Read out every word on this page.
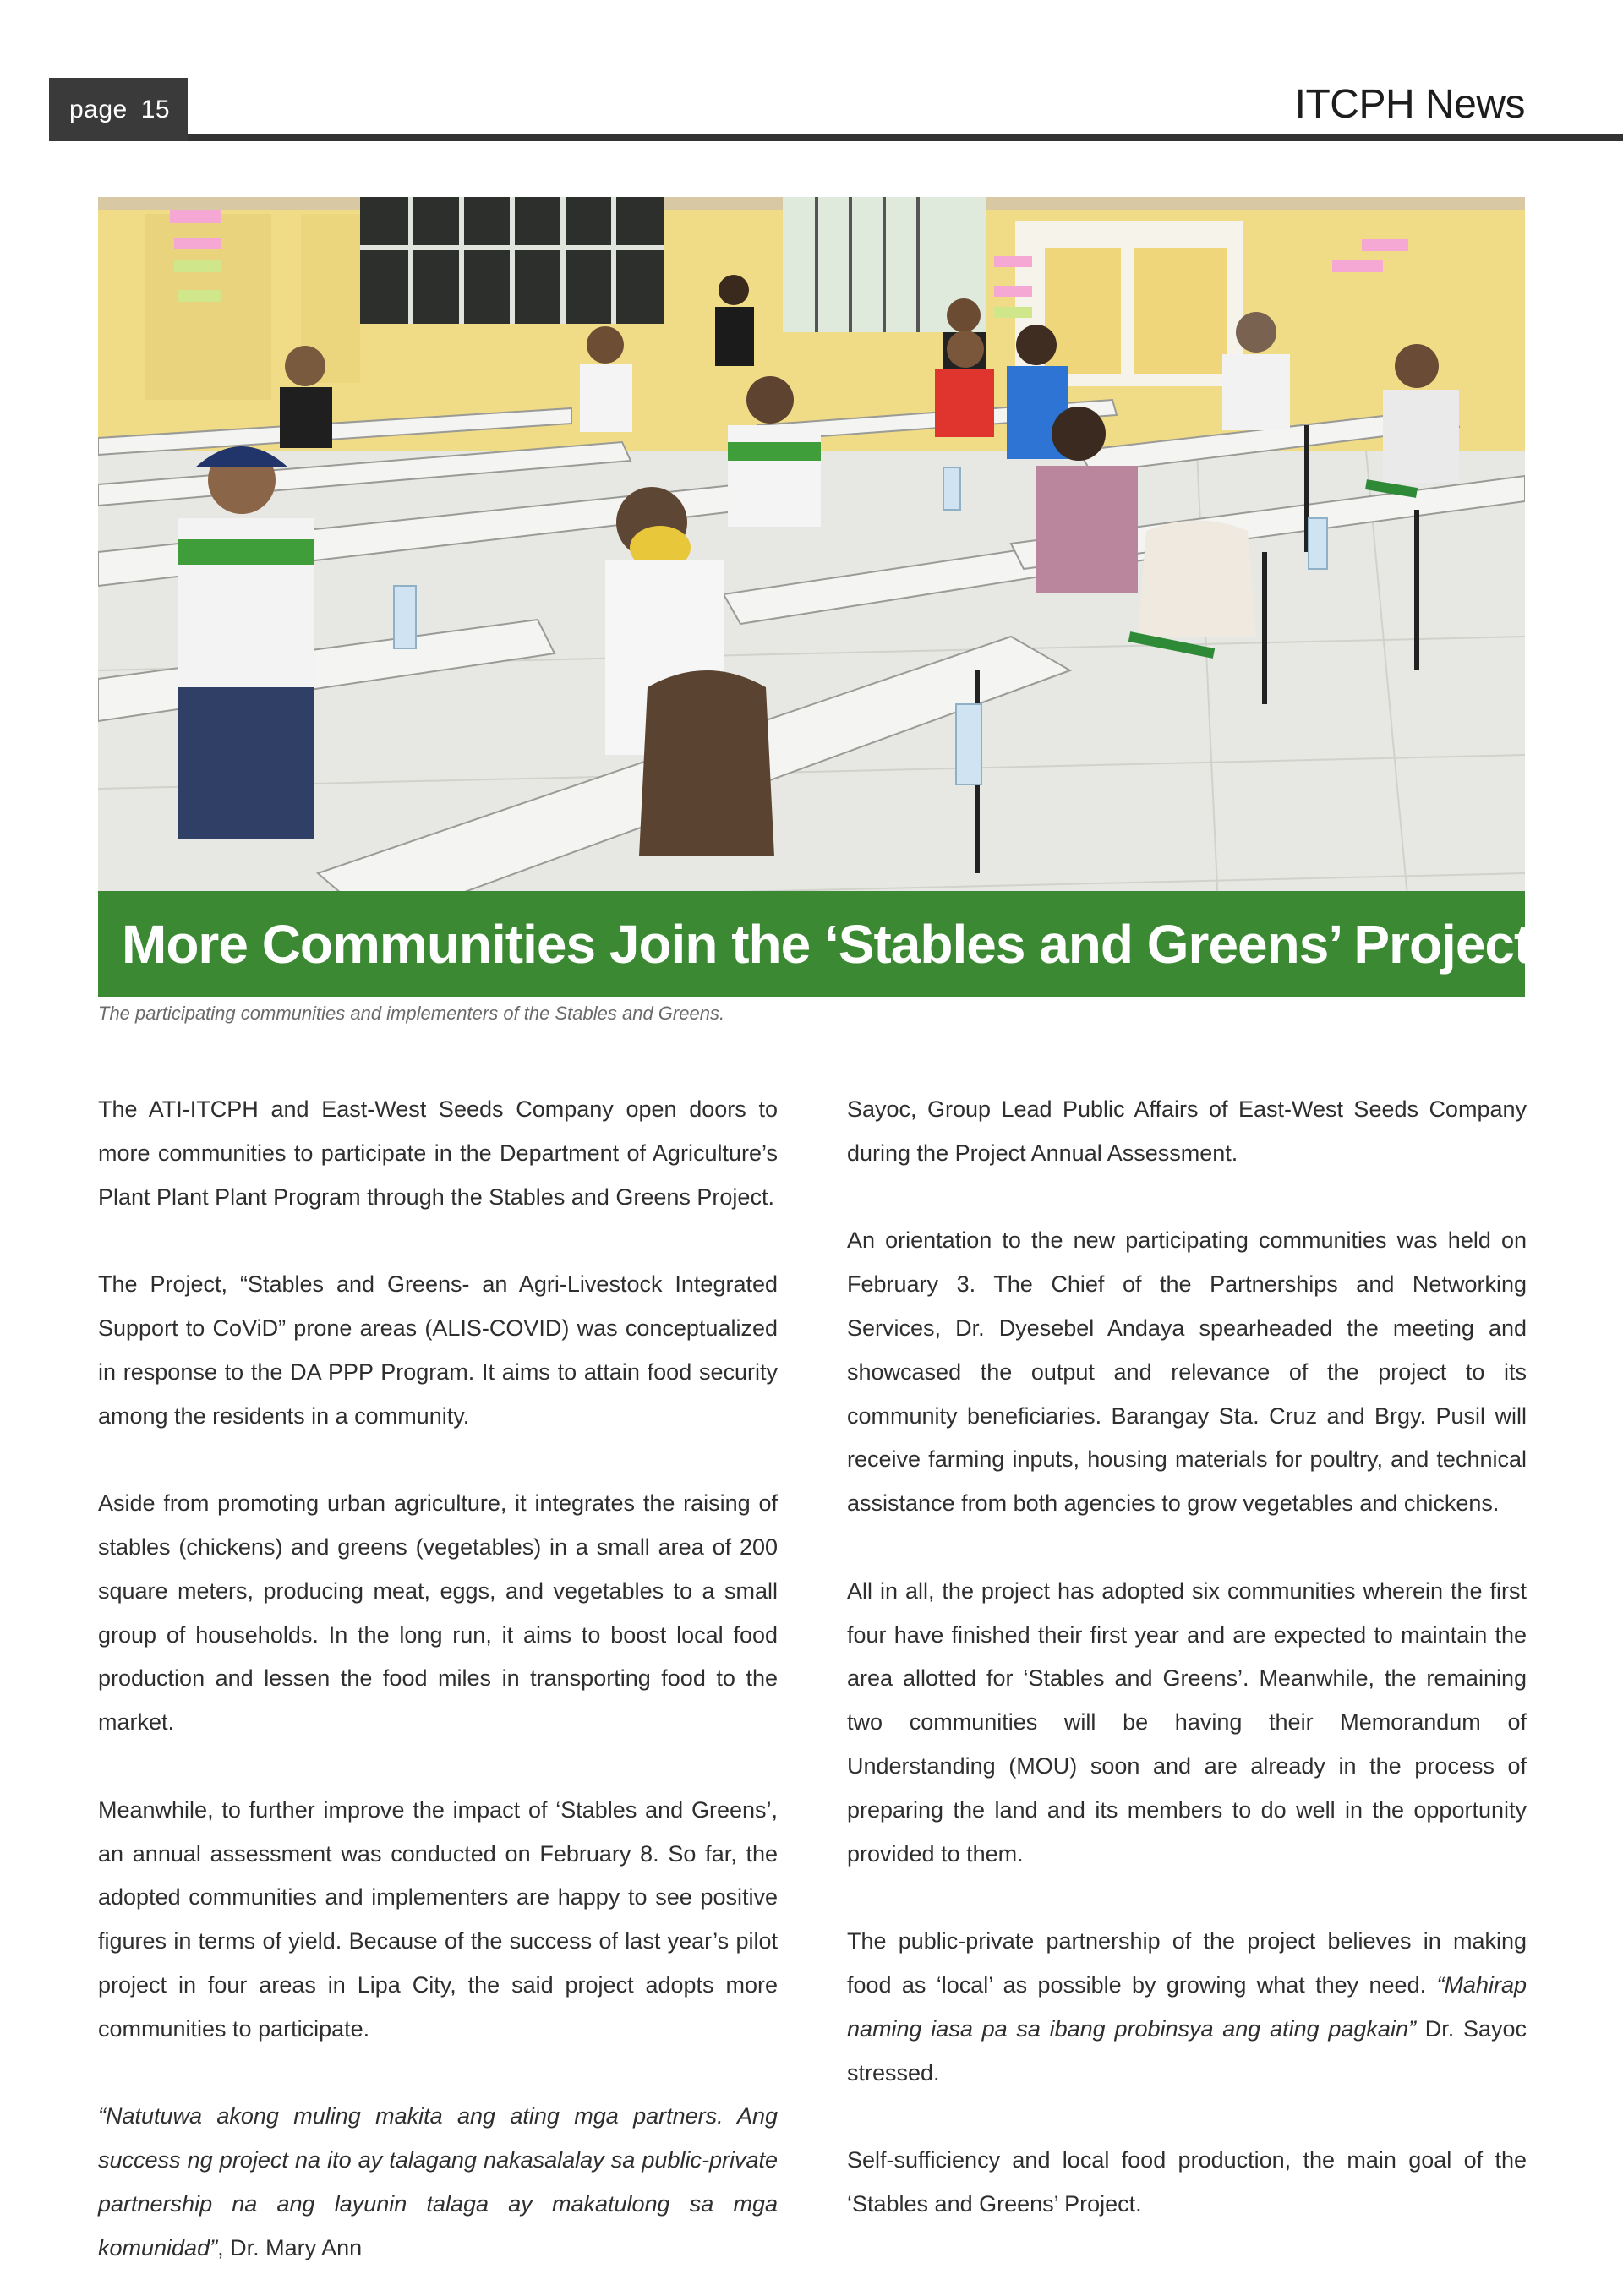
page 15	ITCPH News
More Communities Join the ‘Stables and Greens’ Project
The participating communities and implementers of the Stables and Greens.

The ATI-ITCPH and East-West Seeds Company open doors to more communities to participate in the Department of Agriculture’s Plant Plant Plant Program through the Stables and Greens Project.

The Project, “Stables and Greens- an Agri-Livestock Integrated Support to CoViD” prone areas (ALIS-COVID) was conceptualized in response to the DA PPP Program. It aims to attain food security among the residents in a community.

Aside from promoting urban agriculture, it integrates the raising of stables (chickens) and greens (vegetables) in a small area of 200 square meters, producing meat, eggs, and vegetables to a small group of households. In the long run, it aims to boost local food production and lessen the food miles in transporting food to the market.

Meanwhile, to further improve the impact of ‘Stables and Greens’, an annual assessment was conducted on February 8. So far, the adopted communities and implementers are happy to see positive figures in terms of yield. Because of the success of last year’s pilot project in four areas in Lipa City, the said project adopts more communities to participate.

“Natutuwa akong muling makita ang ating mga partners. Ang success ng project na ito ay talagang nakasalalay sa public-private partnership na ang layunin talaga ay makatulong sa mga komunidad”, Dr. Mary Ann

Sayoc, Group Lead Public Affairs of East-West Seeds Company during the Project Annual Assessment.

An orientation to the new participating communities was held on February 3. The Chief of the Partnerships and Networking Services, Dr. Dyesebel Andaya spearheaded the meeting and showcased the output and relevance of the project to its community beneficiaries. Barangay Sta. Cruz and Brgy. Pusil will receive farming inputs, housing materials for poultry, and technical assistance from both agencies to grow vegetables and chickens.

All in all, the project has adopted six communities wherein the first four have finished their first year and are expected to maintain the area allotted for ‘Stables and Greens’. Meanwhile, the remaining two communities will be having their Memorandum of Understanding (MOU) soon and are already in the process of preparing the land and its members to do well in the opportunity provided to them.

The public-private partnership of the project believes in making food as ‘local’ as possible by growing what they need. “Mahirap naming iasa pa sa ibang probinsya ang ating pagkain” Dr. Sayoc stressed.

Self-sufficiency and local food production, the main goal of the ‘Stables and Greens’ Project.
